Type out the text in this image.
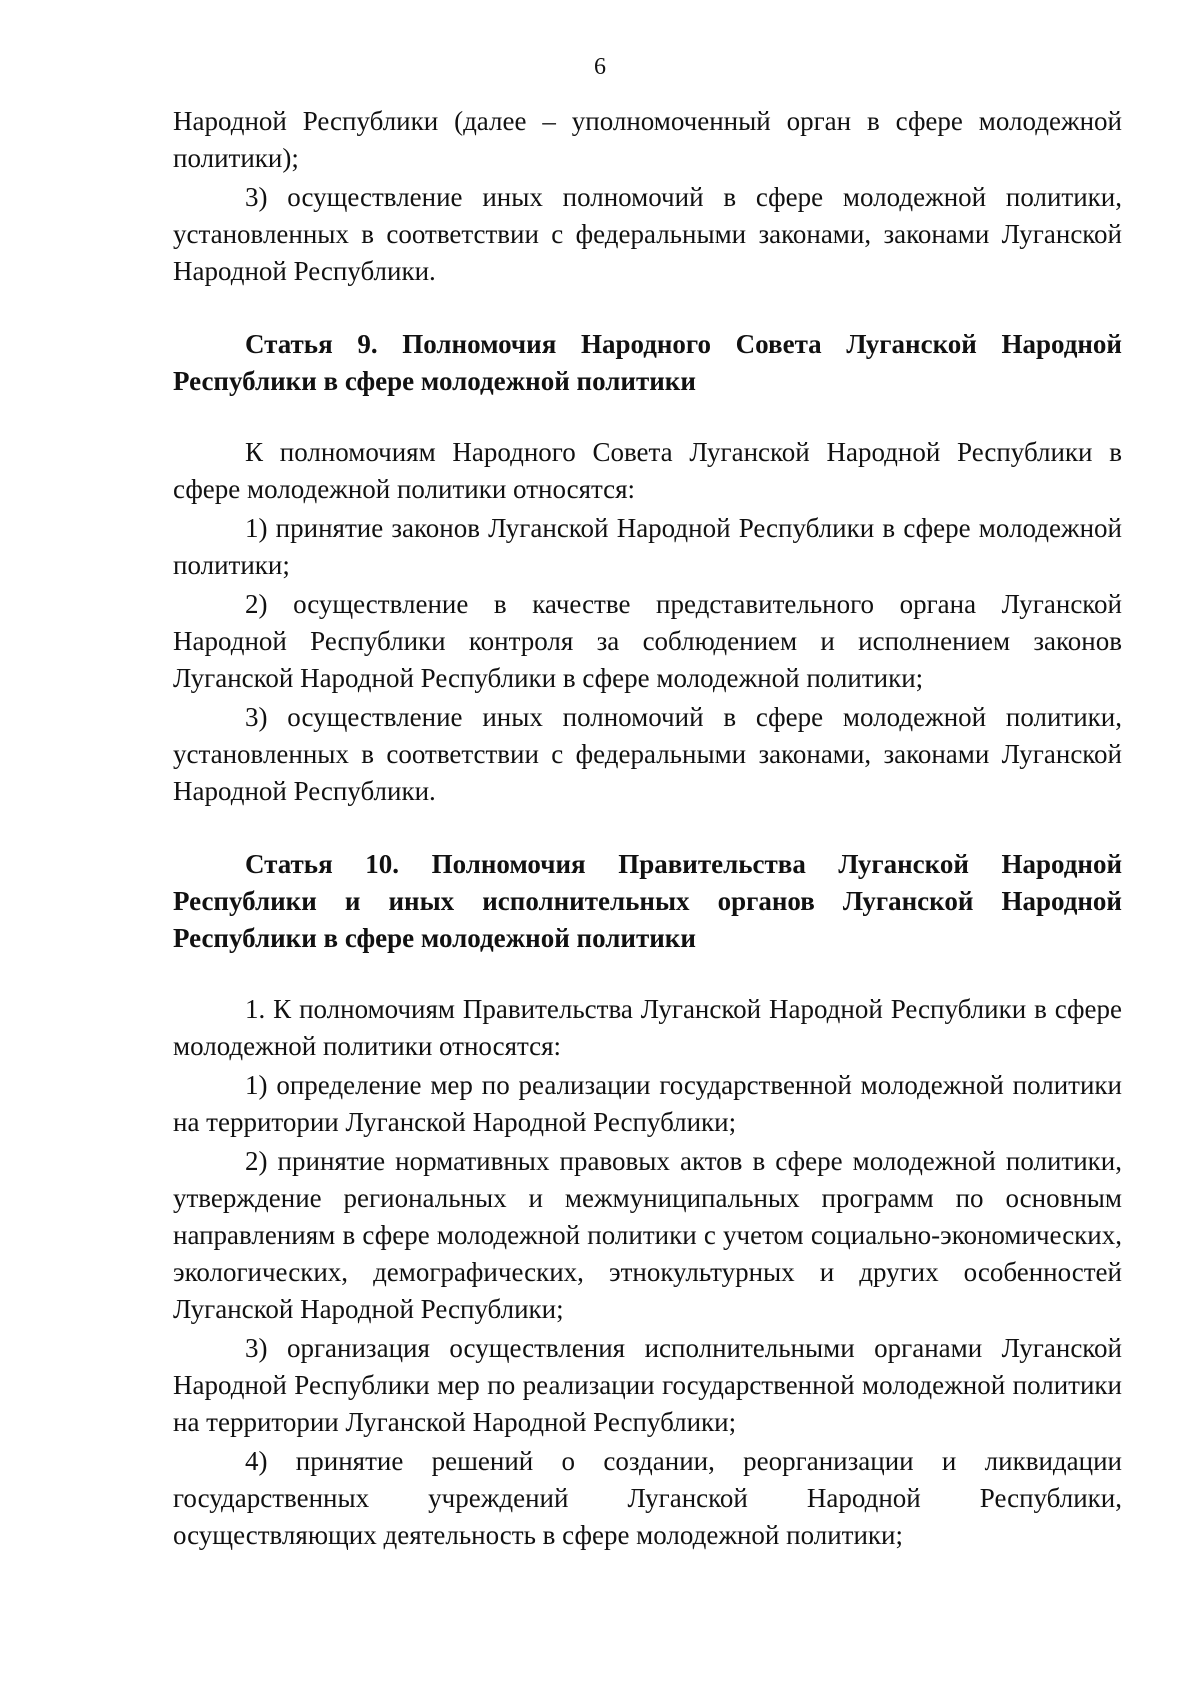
6

Народной Республики (далее – уполномоченный орган в сфере молодежной политики);

3) осуществление иных полномочий в сфере молодежной политики, установленных в соответствии с федеральными законами, законами Луганской Народной Республики.

Статья 9. Полномочия Народного Совета Луганской Народной Республики в сфере молодежной политики

К полномочиям Народного Совета Луганской Народной Республики в сфере молодежной политики относятся:

1) принятие законов Луганской Народной Республики в сфере молодежной политики;

2) осуществление в качестве представительного органа Луганской Народной Республики контроля за соблюдением и исполнением законов Луганской Народной Республики в сфере молодежной политики;

3) осуществление иных полномочий в сфере молодежной политики, установленных в соответствии с федеральными законами, законами Луганской Народной Республики.

Статья 10. Полномочия Правительства Луганской Народной Республики и иных исполнительных органов Луганской Народной Республики в сфере молодежной политики

1. К полномочиям Правительства Луганской Народной Республики в сфере молодежной политики относятся:

1) определение мер по реализации государственной молодежной политики на территории Луганской Народной Республики;

2) принятие нормативных правовых актов в сфере молодежной политики, утверждение региональных и межмуниципальных программ по основным направлениям в сфере молодежной политики с учетом социально-экономических, экологических, демографических, этнокультурных и других особенностей Луганской Народной Республики;

3) организация осуществления исполнительными органами Луганской Народной Республики мер по реализации государственной молодежной политики на территории Луганской Народной Республики;

4) принятие решений о создании, реорганизации и ликвидации государственных учреждений Луганской Народной Республики, осуществляющих деятельность в сфере молодежной политики;
